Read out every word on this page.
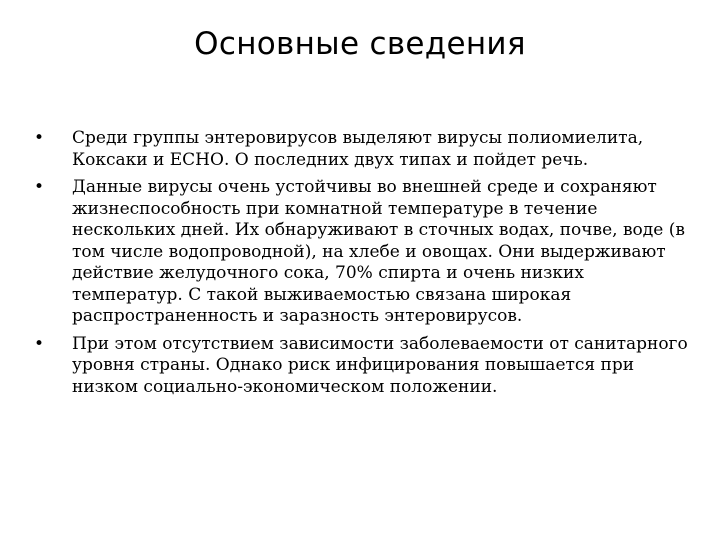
Основные сведения
• Среди группы энтеровирусов выделяют вирусы полиомиелита, Коксаки и ЕСНО. О последних двух типах и пойдет речь.
• Данные вирусы очень устойчивы во внешней среде и сохраняют жизнеспособность при комнатной температуре в течение нескольких дней. Их обнаруживают в сточных водах, почве, воде (в том числе водопроводной), на хлебе и овощах. Они выдерживают действие желудочного сока, 70% спирта и очень низких температур. С такой выживаемостью связана широкая распространенность и заразность энтеровирусов.
• При этом отсутствием зависимости заболеваемости от санитарного уровня страны. Однако риск инфицирования повышается при низком социально-экономическом положении.
